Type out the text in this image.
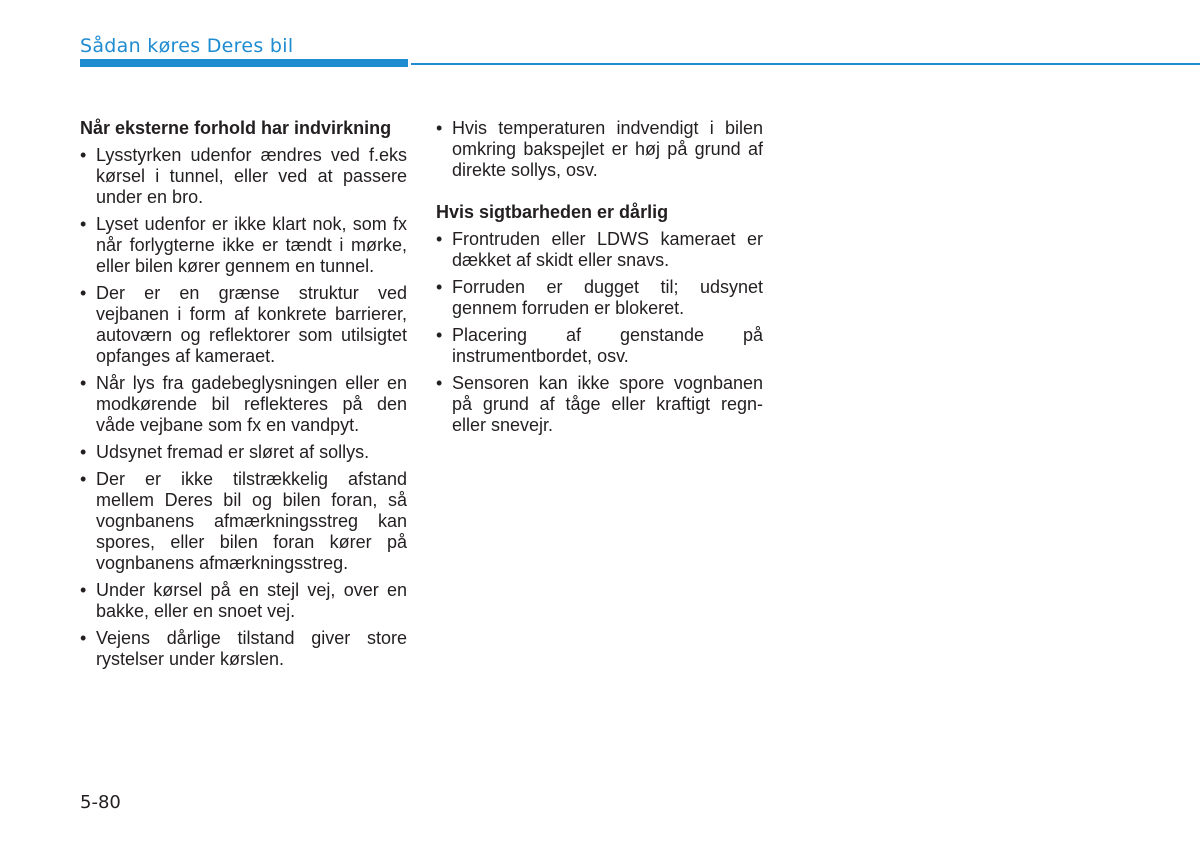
Sådan køres Deres bil
Når eksterne forhold har indvirkning
• Lysstyrken udenfor ændres ved f.eks kørsel i tunnel, eller ved at passere under en bro.
• Lyset udenfor er ikke klart nok, som fx når forlygterne ikke er tændt i mørke, eller bilen kører gennem en tunnel.
• Der er en grænse struktur ved vejbanen i form af konkrete barrierer, autoværn og reflektorer som utilsigtet opfanges af kameraet.
• Når lys fra gadebeglysningen eller en modkørende bil reflekteres på den våde vejbane som fx en vandpyt.
• Udsynet fremad er sløret af sollys.
• Der er ikke tilstrækkelig afstand mellem Deres bil og bilen foran, så vognbanens afmærkningsstreg kan spores, eller bilen foran kører på vognbanens afmærkningsstreg.
• Under kørsel på en stejl vej, over en bakke, eller en snoet vej.
• Vejens dårlige tilstand giver store rystelser under kørslen.
• Hvis temperaturen indvendigt i bilen omkring bakspejlet er høj på grund af direkte sollys, osv.
Hvis sigtbarheden er dårlig
• Frontruden eller LDWS kameraet er dækket af skidt eller snavs.
• Forruden er dugget til; udsynet gennem forruden er blokeret.
• Placering af genstande på instrumentbordet, osv.
• Sensoren kan ikke spore vognbanen på grund af tåge eller kraftigt regn- eller snevejr.
5-80
